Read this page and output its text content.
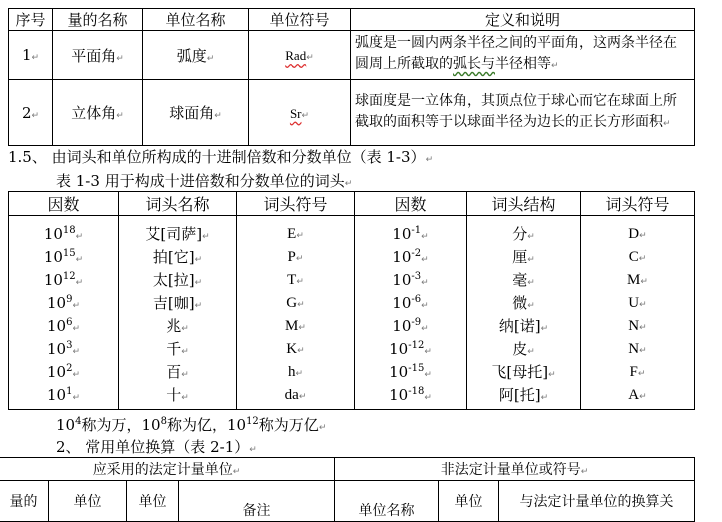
序号	量的名称	单位名称	单位符号	定义和说明
1↵	平面角↵	弧度↵	Rad↵	弧度是一圆内两条半径之间的平面角，这两条半径在圆周上所截取的弧长与半径相等↵
2↵	立体角↵	球面角↵	Sr↵	球面度是一立体角，其顶点位于球心而它在球面上所截取的面积等于以球面半径为边长的正长方形面积↵
1.5、 由词头和单位所构成的十进制倍数和分数单位（表 1-3）↵
表 1-3 用于构成十进倍数和分数单位的词头↵
因数	词头名称	词头符号	因数	词头结构	词头符号
$10^{18}↵$	艾[司萨]↵	E↵	$10^{-1}↵$	分↵	D↵
$10^{15}↵$	拍[它]↵	P↵	$10^{-2}↵$	厘↵	C↵
$10^{12}↵$	太[拉]↵	T↵	$10^{-3}↵$	毫↵	M↵
$10^9↵$	吉[咖]↵	G↵	$10^{-6}↵$	微↵	U↵
$10^6↵$	兆↵	M↵	$10^{-9}↵$	纳[诺]↵	N↵
$10^3↵$	千↵	K↵	$10^{-12}↵$	皮↵	N↵
$10^2↵$	百↵	h↵	$10^{-15}↵$	飞[母托]↵	F↵
$10^1↵$	十↵	da↵	$10^{-18}↵$	阿[托]↵	A↵
$10^4$称为万，$10^8$称为亿，$10^{12}$称为万亿↵
2、 常用单位换算（表 2-1）↵
应采用的法定计量单位↵				非法定计量单位或符号↵		
量的	单位	单位	备注	单位名称	单位	与法定计量单位的换算关
